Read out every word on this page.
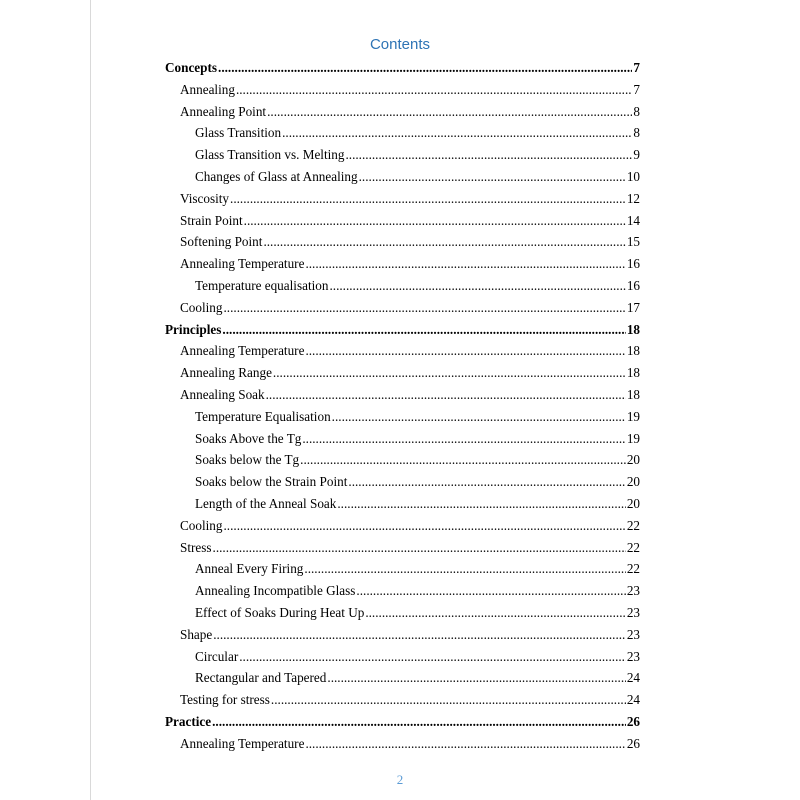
Contents
Concepts .....	7
Annealing .....	7
Annealing Point .....	8
Glass Transition .....	8
Glass Transition vs. Melting .....	9
Changes of Glass at Annealing .....	10
Viscosity .....	12
Strain Point .....	14
Softening Point .....	15
Annealing Temperature .....	16
Temperature equalisation .....	16
Cooling .....	17
Principles .....	18
Annealing Temperature .....	18
Annealing Range .....	18
Annealing Soak .....	18
Temperature Equalisation .....	19
Soaks Above the Tg .....	19
Soaks below the Tg .....	20
Soaks below the Strain Point .....	20
Length of the Anneal Soak .....	20
Cooling .....	22
Stress .....	22
Anneal Every Firing .....	22
Annealing Incompatible Glass .....	23
Effect of Soaks During Heat Up .....	23
Shape .....	23
Circular .....	23
Rectangular and Tapered .....	24
Testing for stress .....	24
Practice .....	26
Annealing Temperature .....	26
2
